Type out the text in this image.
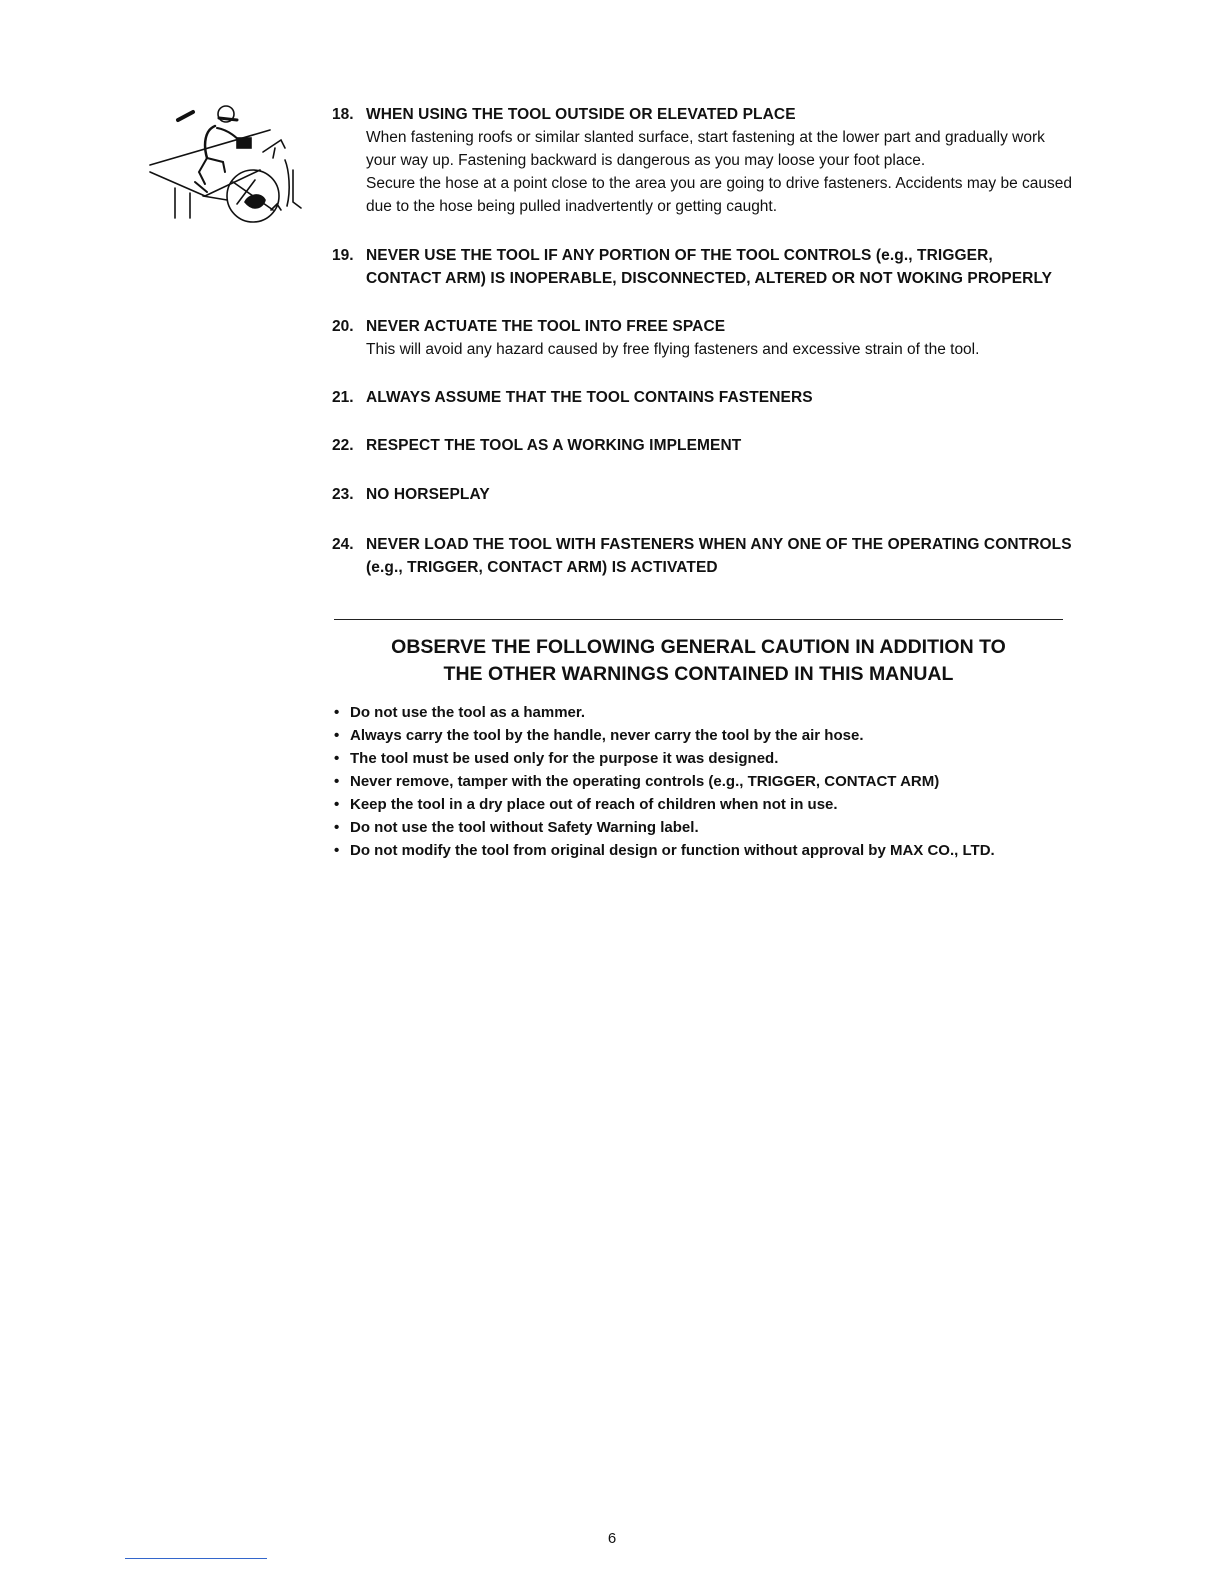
18. WHEN USING THE TOOL OUTSIDE OR ELEVATED PLACE
When fastening roofs or similar slanted surface, start fastening at the lower part and gradually work your way up. Fastening backward is dangerous as you may loose your foot place.
Secure the hose at a point close to the area you are going to drive fasteners. Accidents may be caused due to the hose being pulled inadvertently or getting caught.
19. NEVER USE THE TOOL IF ANY PORTION OF THE TOOL CONTROLS (e.g., TRIGGER, CONTACT ARM) IS INOPERABLE, DISCONNECTED, ALTERED OR NOT WOKING PROPERLY
20. NEVER ACTUATE THE TOOL INTO FREE SPACE
This will avoid any hazard caused by free flying fasteners and excessive strain of the tool.
21. ALWAYS ASSUME THAT THE TOOL CONTAINS FASTENERS
22. RESPECT THE TOOL AS A WORKING IMPLEMENT
23. NO HORSEPLAY
24. NEVER LOAD THE TOOL WITH FASTENERS WHEN ANY ONE OF THE OPERATING CONTROLS (e.g., TRIGGER, CONTACT ARM) IS ACTIVATED
OBSERVE THE FOLLOWING GENERAL CAUTION IN ADDITION TO
THE OTHER WARNINGS CONTAINED IN THIS MANUAL
• Do not use the tool as a hammer.
• Always carry the tool by the handle, never carry the tool by the air hose.
• The tool must be used only for the purpose it was designed.
• Never remove, tamper with the operating controls (e.g., TRIGGER, CONTACT ARM)
• Keep the tool in a dry place out of reach of children when not in use.
• Do not use the tool without Safety Warning label.
• Do not modify the tool from original design or function without approval by MAX CO., LTD.
6
